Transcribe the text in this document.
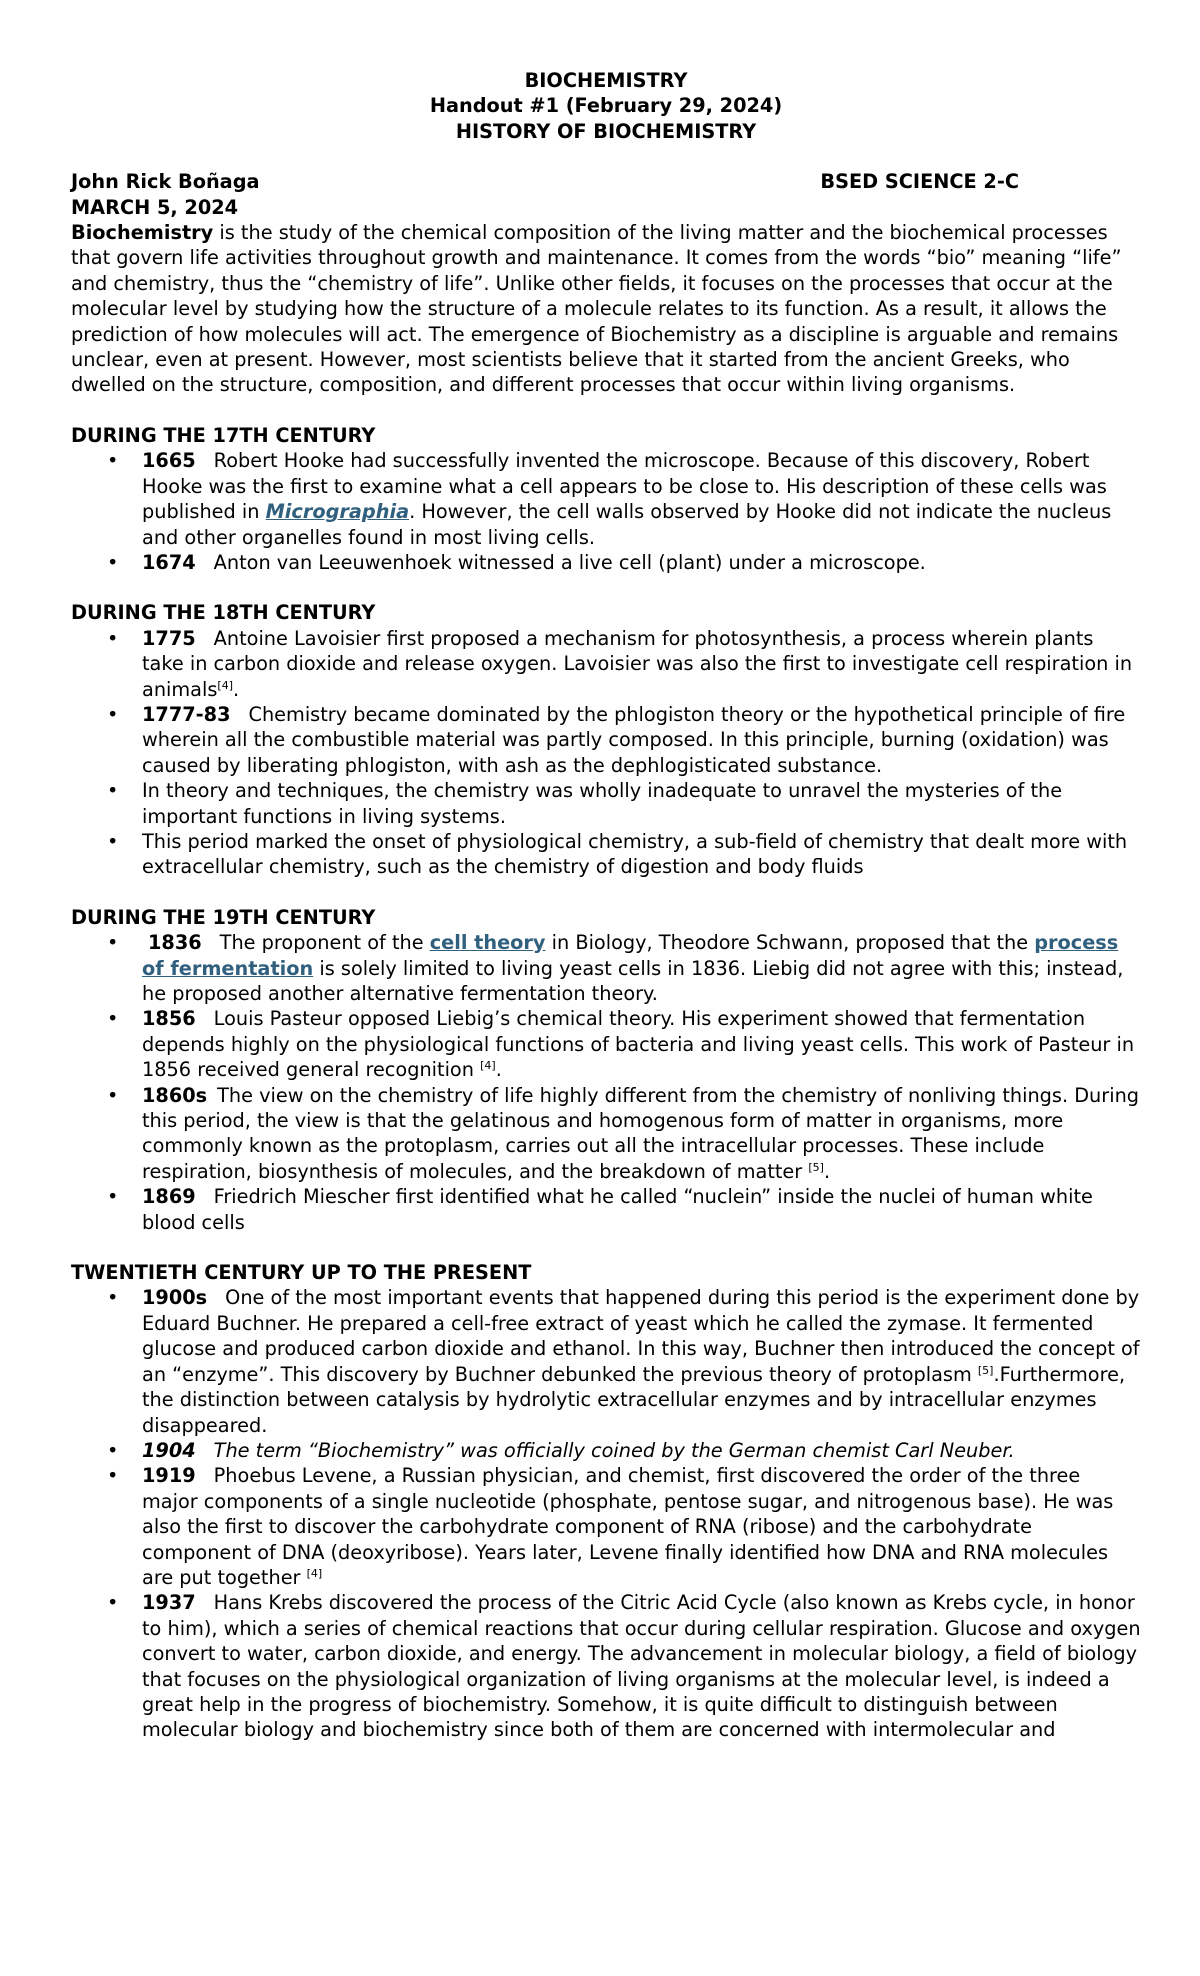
BIOCHEMISTRY
Handout #1 (February 29, 2024)
HISTORY OF BIOCHEMISTRY
John Rick Boñaga	BSED SCIENCE 2-C
MARCH 5, 2024

Biochemistry is the study of the chemical composition of the living matter and the biochemical processes that govern life activities throughout growth and maintenance. It comes from the words “bio” meaning “life” and chemistry, thus the “chemistry of life”. Unlike other fields, it focuses on the processes that occur at the molecular level by studying how the structure of a molecule relates to its function. As a result, it allows the prediction of how molecules will act. The emergence of Biochemistry as a discipline is arguable and remains unclear, even at present. However, most scientists believe that it started from the ancient Greeks, who dwelled on the structure, composition, and different processes that occur within living organisms.

DURING THE 17TH CENTURY
• 1665 Robert Hooke had successfully invented the microscope. Because of this discovery, Robert Hooke was the first to examine what a cell appears to be close to. His description of these cells was published in Micrographia. However, the cell walls observed by Hooke did not indicate the nucleus and other organelles found in most living cells.
• 1674 Anton van Leeuwenhoek witnessed a live cell (plant) under a microscope.
DURING THE 18TH CENTURY
• 1775 Antoine Lavoisier first proposed a mechanism for photosynthesis, a process wherein plants take in carbon dioxide and release oxygen. Lavoisier was also the first to investigate cell respiration in animals[4].
• 1777-83 Chemistry became dominated by the phlogiston theory or the hypothetical principle of fire wherein all the combustible material was partly composed. In this principle, burning (oxidation) was caused by liberating phlogiston, with ash as the dephlogisticated substance.
• In theory and techniques, the chemistry was wholly inadequate to unravel the mysteries of the important functions in living systems.
• This period marked the onset of physiological chemistry, a sub-field of chemistry that dealt more with extracellular chemistry, such as the chemistry of digestion and body fluids
DURING THE 19TH CENTURY
• 1836 The proponent of the cell theory in Biology, Theodore Schwann, proposed that the process of fermentation is solely limited to living yeast cells in 1836. Liebig did not agree with this; instead, he proposed another alternative fermentation theory.
• 1856 Louis Pasteur opposed Liebig’s chemical theory. His experiment showed that fermentation depends highly on the physiological functions of bacteria and living yeast cells. This work of Pasteur in 1856 received general recognition [4].
• 1860s The view on the chemistry of life highly different from the chemistry of nonliving things. During this period, the view is that the gelatinous and homogenous form of matter in organisms, more commonly known as the protoplasm, carries out all the intracellular processes. These include respiration, biosynthesis of molecules, and the breakdown of matter [5].
• 1869 Friedrich Miescher first identified what he called “nuclein” inside the nuclei of human white blood cells
TWENTIETH CENTURY UP TO THE PRESENT
• 1900s One of the most important events that happened during this period is the experiment done by Eduard Buchner. He prepared a cell-free extract of yeast which he called the zymase. It fermented glucose and produced carbon dioxide and ethanol. In this way, Buchner then introduced the concept of an “enzyme”. This discovery by Buchner debunked the previous theory of protoplasm [5].Furthermore, the distinction between catalysis by hydrolytic extracellular enzymes and by intracellular enzymes disappeared.
• 1904 The term “Biochemistry” was officially coined by the German chemist Carl Neuber.
• 1919 Phoebus Levene, a Russian physician, and chemist, first discovered the order of the three major components of a single nucleotide (phosphate, pentose sugar, and nitrogenous base). He was also the first to discover the carbohydrate component of RNA (ribose) and the carbohydrate component of DNA (deoxyribose). Years later, Levene finally identified how DNA and RNA molecules are put together [4]
• 1937 Hans Krebs discovered the process of the Citric Acid Cycle (also known as Krebs cycle, in honor to him), which a series of chemical reactions that occur during cellular respiration. Glucose and oxygen convert to water, carbon dioxide, and energy. The advancement in molecular biology, a field of biology that focuses on the physiological organization of living organisms at the molecular level, is indeed a great help in the progress of biochemistry. Somehow, it is quite difficult to distinguish between molecular biology and biochemistry since both of them are concerned with intermolecular and
